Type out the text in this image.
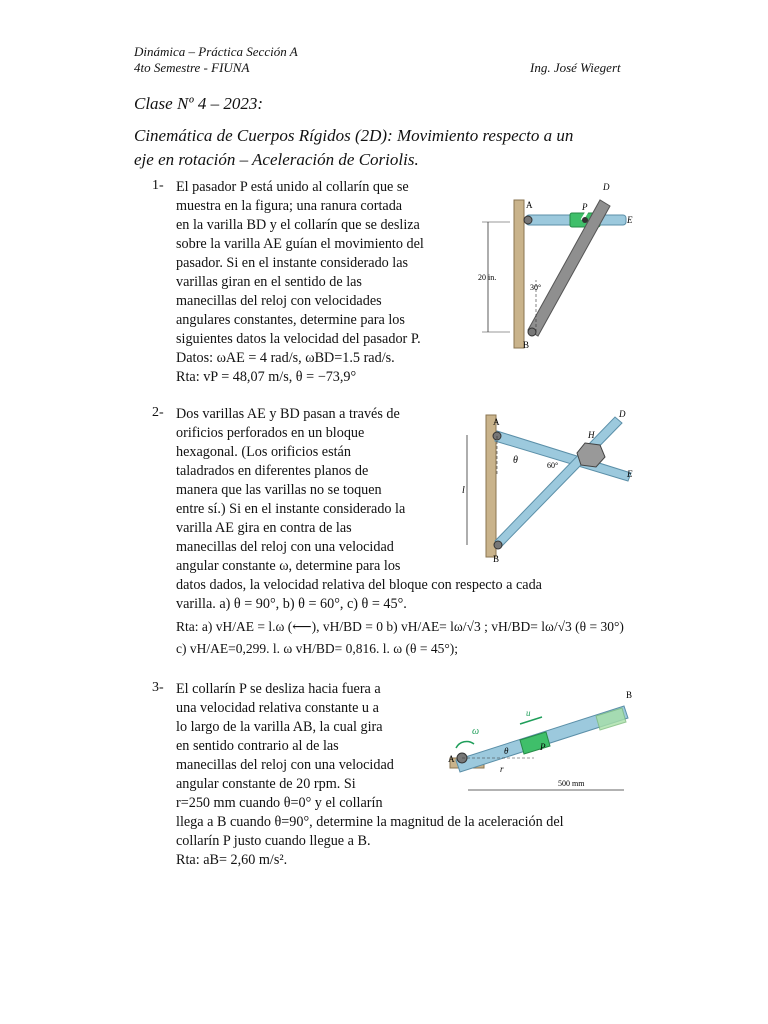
Dinámica – Práctica Sección A
4to Semestre - FIUNA	Ing. José Wiegert
Clase Nº 4 – 2023:
Cinemática de Cuerpos Rígidos (2D): Movimiento respecto a un
eje en rotación – Aceleración de Coriolis.
1- El pasador P está unido al collarín que se
muestra en la figura; una ranura cortada
en la varilla BD y el collarín que se desliza
sobre la varilla AE guían el movimiento del
pasador. Si en el instante considerado las
varillas giran en el sentido de las
manecillas del reloj con velocidades
angulares constantes, determine para los
siguientes datos la velocidad del pasador P.
Datos: ωAE = 4 rad/s, ωBD=1.5 rad/s.
Rta: vP = 48,07 m/s, θ = −73,9°
20 in.
A
B
D
E
P
30°
2- Dos varillas AE y BD pasan a través de
orificios perforados en un bloque
hexagonal. (Los orificios están
taladrados en diferentes planos de
manera que las varillas no se toquen
entre sí.) Si en el instante considerado la
varilla AE gira en contra de las
manecillas del reloj con una velocidad
angular constante ω, determine para los
datos dados, la velocidad relativa del bloque con respecto a cada
varilla. a) θ = 90°, b) θ = 60°, c) θ = 45°.
Rta: a) vH/AE = l.ω (⟵), vH/BD = 0 b) vH/AE= lω/√3 ; vH/BD= lω/√3 (θ = 30°)
c) vH/AE=0,299. l. ω vH/BD= 0,816. l. ω (θ = 45°);
l
A
B
D
E
H
θ	60°
3- El collarín P se desliza hacia fuera a
una velocidad relativa constante u a
lo largo de la varilla AB, la cual gira
en sentido contrario al de las
manecillas del reloj con una velocidad
angular constante de 20 rpm. Si
r=250 mm cuando θ=0° y el collarín
llega a B cuando θ=90°, determine la magnitud de la aceleración del
collarín P justo cuando llegue a B.
Rta: aB= 2,60 m/s².
A
B
P
u
ω
r
θ
500 mm
